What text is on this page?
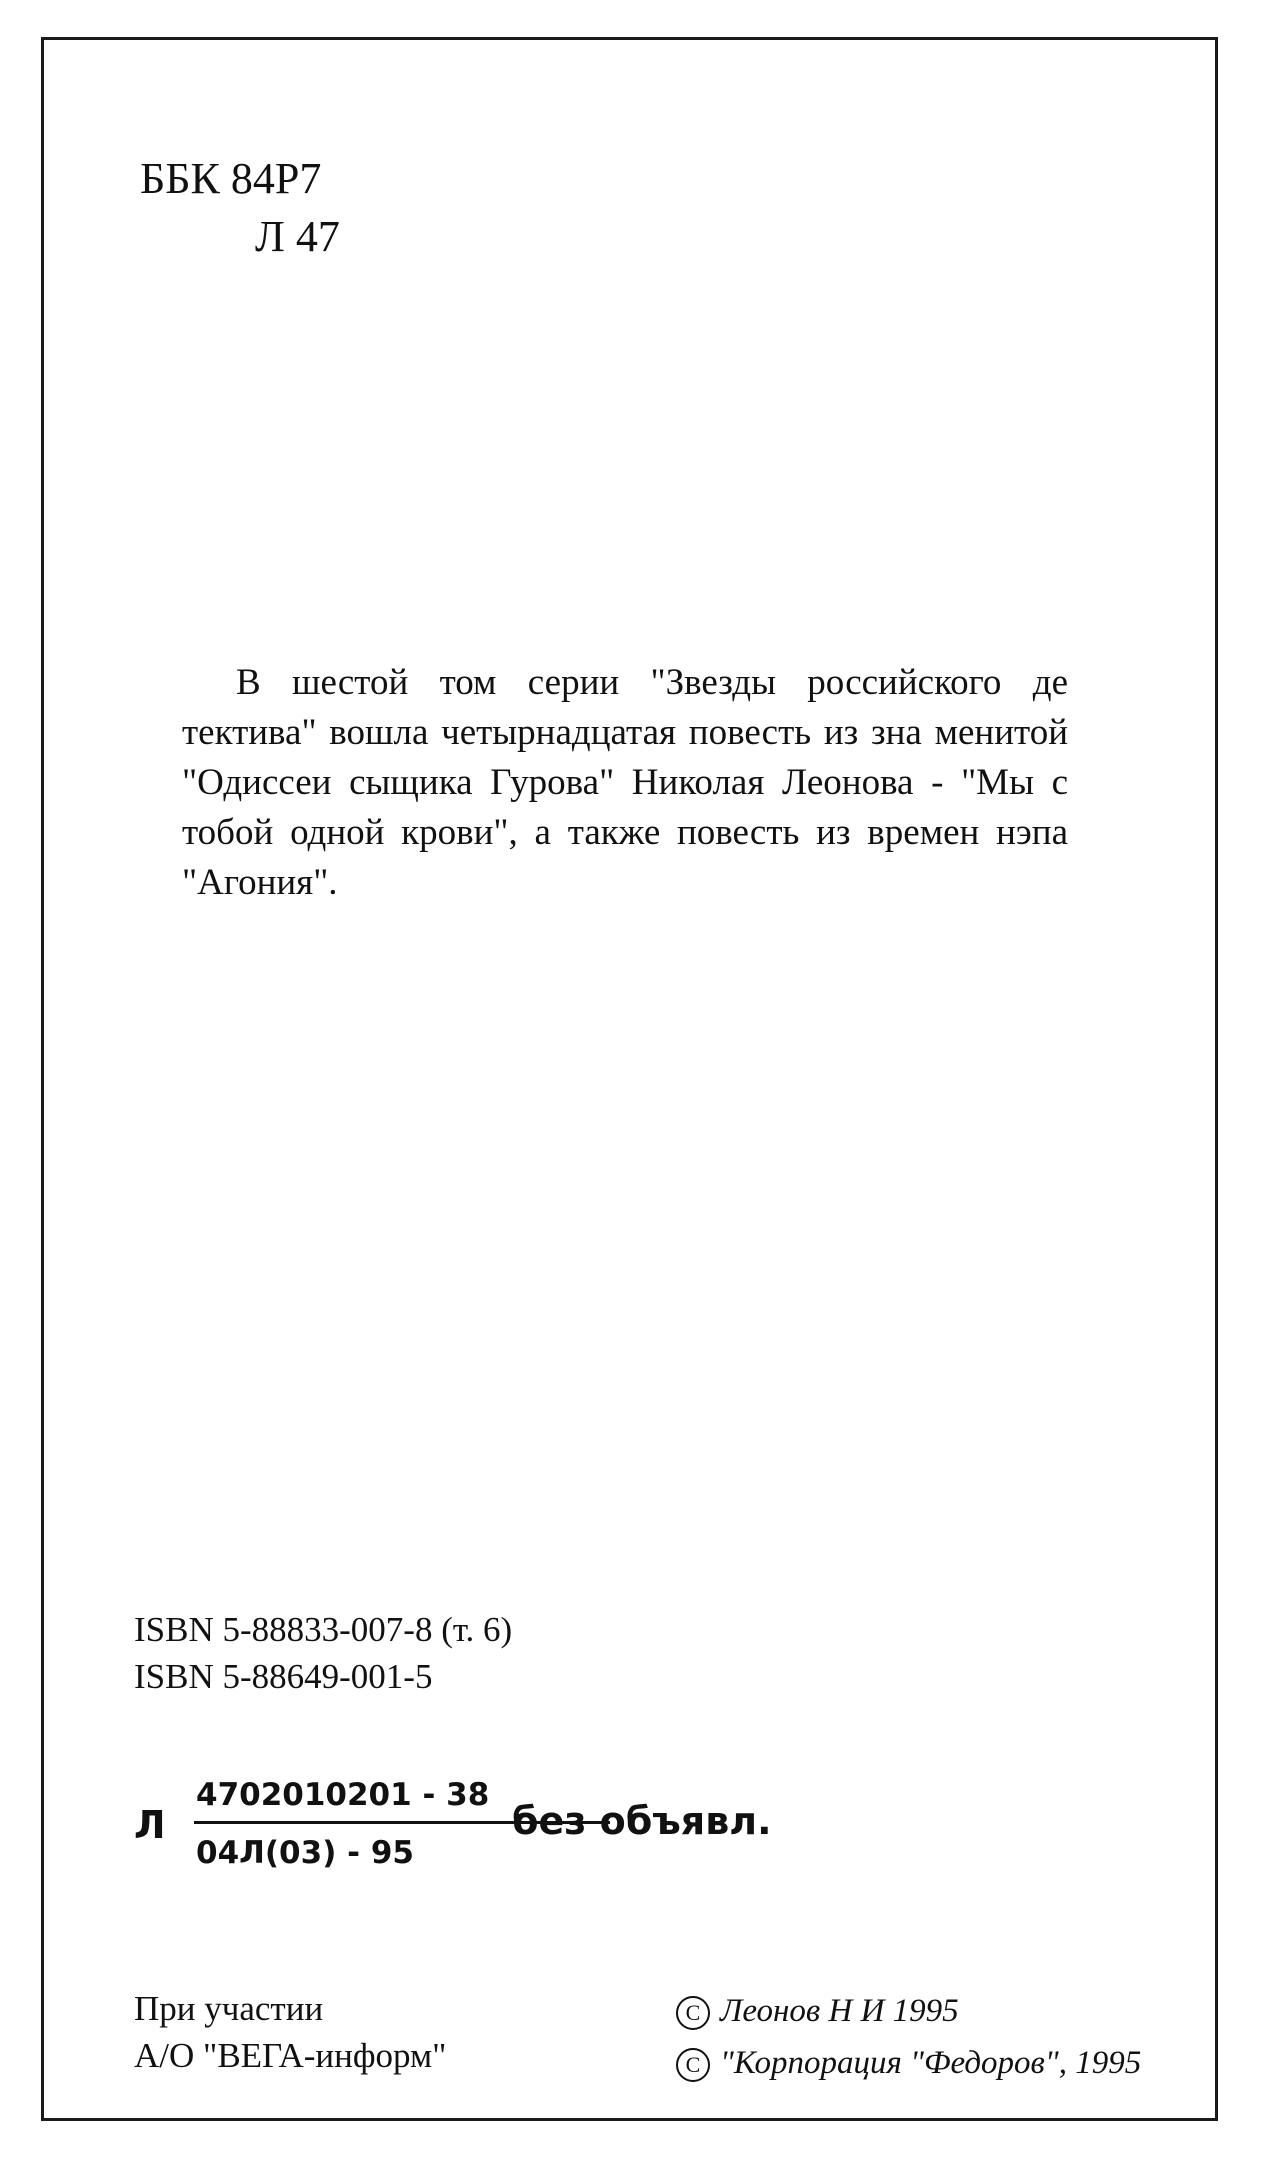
ББК 84Р7
Л 47
В шестой том серии "Звезды российского де тектива" вошла четырнадцатая повесть из зна менитой "Одиссеи сыщика Гурова" Николая Леонова - "Мы с тобой одной крови", а также повесть из времен нэпа "Агония".
ISBN 5-88833-007-8 (т. 6)
ISBN 5-88649-001-5
Л
4702010201 - 38
04Л(03) - 95
без объявл.
При участии
А/О "ВЕГА-информ"
C Леонов Н И 1995
C "Корпорация "Федоров", 1995
